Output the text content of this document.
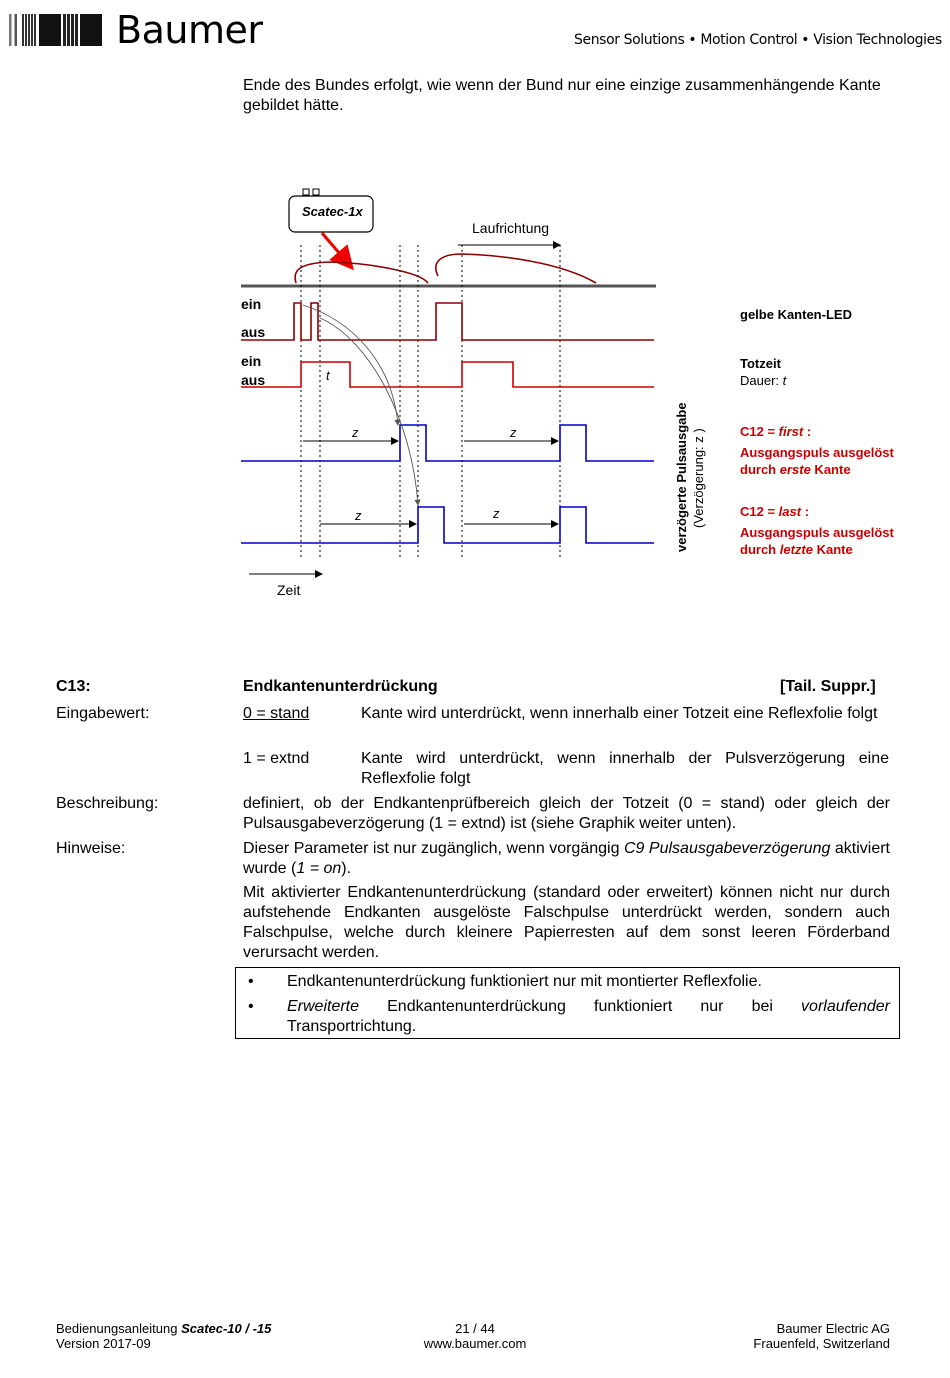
Baumer	Sensor Solutions • Motion Control • Vision Technologies
Ende des Bundes erfolgt, wie wenn der Bund nur eine einzige zusammenhängende Kante gebildet hätte.
Scatec-1x
Laufrichtung
ein
aus
ein
aus	t
z	z
z	z
Zeit
verzögerte Pulsausgabe (Verzögerung: z )
gelbe Kanten-LED
Totzeit
Dauer: t
C12 = first :
Ausgangspuls ausgelöst
durch erste Kante
C12 = last :
Ausgangspuls ausgelöst
durch letzte Kante
C13:	Endkantenunterdrückung	[Tail. Suppr.]
Eingabewert:	0 = stand	Kante wird unterdrückt, wenn innerhalb einer Totzeit eine Reflexfolie folgt
1 = extnd	Kante wird unterdrückt, wenn innerhalb der Pulsverzögerung eine Reflexfolie folgt
Beschreibung:	definiert, ob der Endkantenprüfbereich gleich der Totzeit (0 = stand) oder gleich der Pulsausgabeverzögerung (1 = extnd) ist (siehe Graphik weiter unten).
Hinweise:	Dieser Parameter ist nur zugänglich, wenn vorgängig C9 Pulsausgabeverzögerung aktiviert wurde (1 = on).
Mit aktivierter Endkantenunterdrückung (standard oder erweitert) können nicht nur durch aufstehende Endkanten ausgelöste Falschpulse unterdrückt werden, sondern auch Falschpulse, welche durch kleinere Papierresten auf dem sonst leeren Förderband verursacht werden.
• Endkantenunterdrückung funktioniert nur mit montierter Reflexfolie.
• Erweiterte Endkantenunterdrückung funktioniert nur bei vorlaufender Transportrichtung.
Bedienungsanleitung Scatec-10 / -15
Version 2017-09
21 / 44
www.baumer.com
Baumer Electric AG
Frauenfeld, Switzerland
